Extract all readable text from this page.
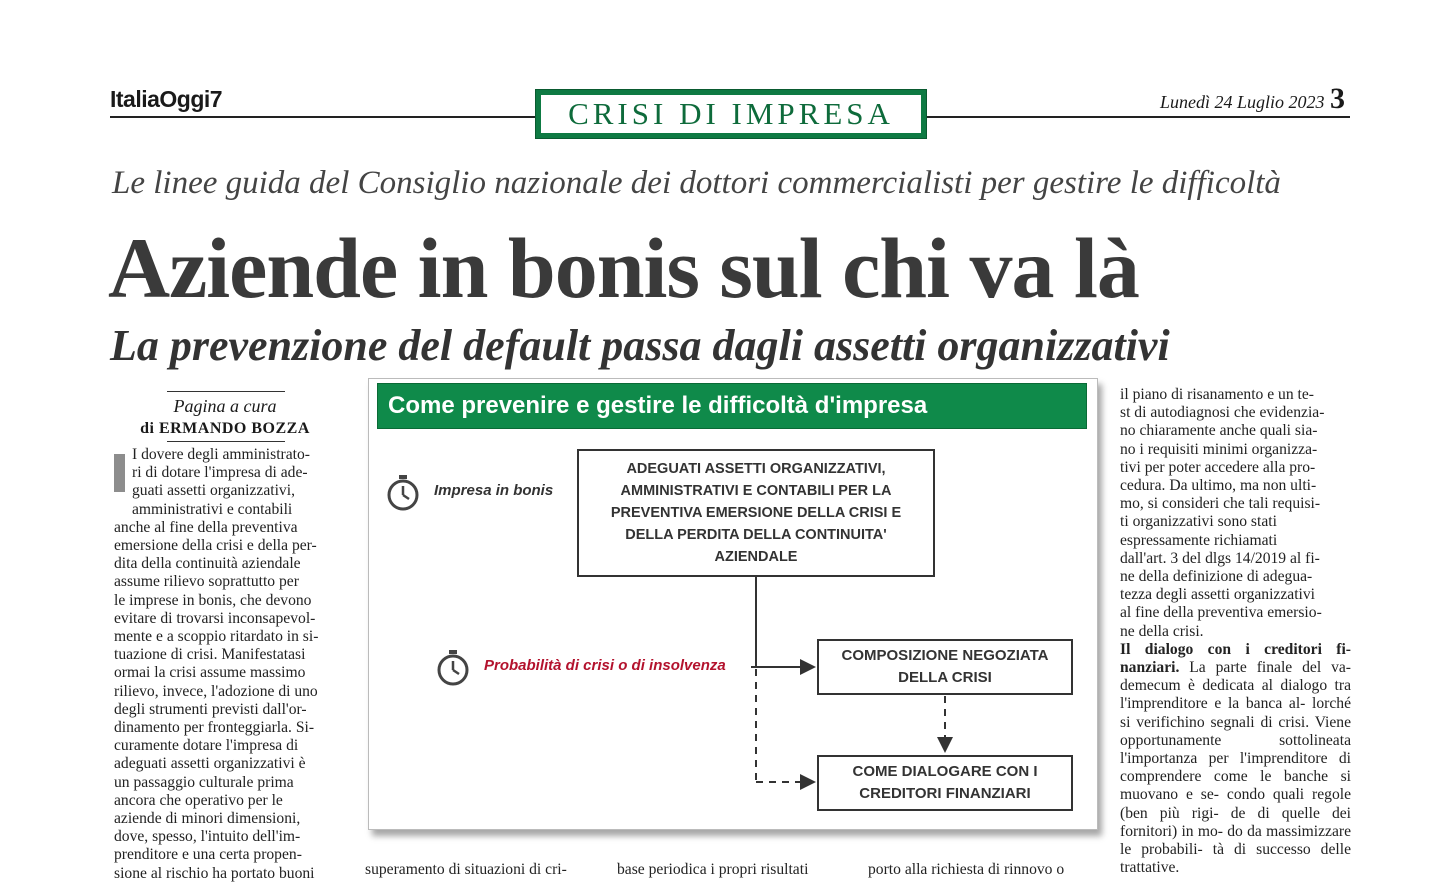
ItaliaOggi7	CRISI DI IMPRESA	Lunedì 24 Luglio 2023 3
Le linee guida del Consiglio nazionale dei dottori commercialisti per gestire le difficoltà
Aziende in bonis sul chi va là
La prevenzione del default passa dagli assetti organizzativi
Pagina a cura
di ERMANDO BOZZA
I dovere degli amministrato-
ri di dotare l'impresa di ade-
guati assetti organizzativi,
amministrativi e contabili
anche al fine della preventiva
emersione della crisi e della per-
dita della continuità aziendale
assume rilievo soprattutto per
le imprese in bonis, che devono
evitare di trovarsi inconsapevol-
mente e a scoppio ritardato in si-
tuazione di crisi. Manifestatasi
ormai la crisi assume massimo
rilievo, invece, l'adozione di uno
degli strumenti previsti dall'or-
dinamento per fronteggiarla. Si-
curamente dotare l'impresa di
adeguati assetti organizzativi è
un passaggio culturale prima
ancora che operativo per le
aziende di minori dimensioni,
dove, spesso, l'intuito dell'im-
prenditore e una certa propen-
sione al rischio ha portato buoni
il piano di risanamento e un te-
st di autodiagnosi che evidenzia-
no chiaramente anche quali sia-
no i requisiti minimi organizza-
tivi per poter accedere alla pro-
cedura. Da ultimo, ma non ulti-
mo, si consideri che tali requisi-
ti organizzativi sono stati
espressamente richiamati
dall'art. 3 del dlgs 14/2019 al fi-
ne della definizione di adegua-
tezza degli assetti organizzativi
al fine della preventiva emersio-
ne della crisi.
Il dialogo con i creditori fi- nanziari. La parte finale del va- demecum è dedicata al dialogo tra l'imprenditore e la banca al- lorché si verifichino segnali di crisi. Viene opportunamente sottolineata l'importanza per l'imprenditore di comprendere come le banche si muovano e se- condo quali regole (ben più rigi- de di quelle dei fornitori) in mo- do da massimizzare le probabili- tà di successo delle trattative.
superamento di situazioni di cri-	base periodica i propri risultati	porto alla richiesta di rinnovo o
Come prevenire e gestire le difficoltà d'impresa
Impresa in bonis
Probabilità di crisi o di insolvenza
ADEGUATI ASSETTI ORGANIZZATIVI,
AMMINISTRATIVI E CONTABILI PER LA
PREVENTIVA EMERSIONE DELLA CRISI E
DELLA PERDITA DELLA CONTINUITA'
AZIENDALE
COMPOSIZIONE NEGOZIATA
DELLA CRISI
COME DIALOGARE CON I
CREDITORI FINANZIARI
